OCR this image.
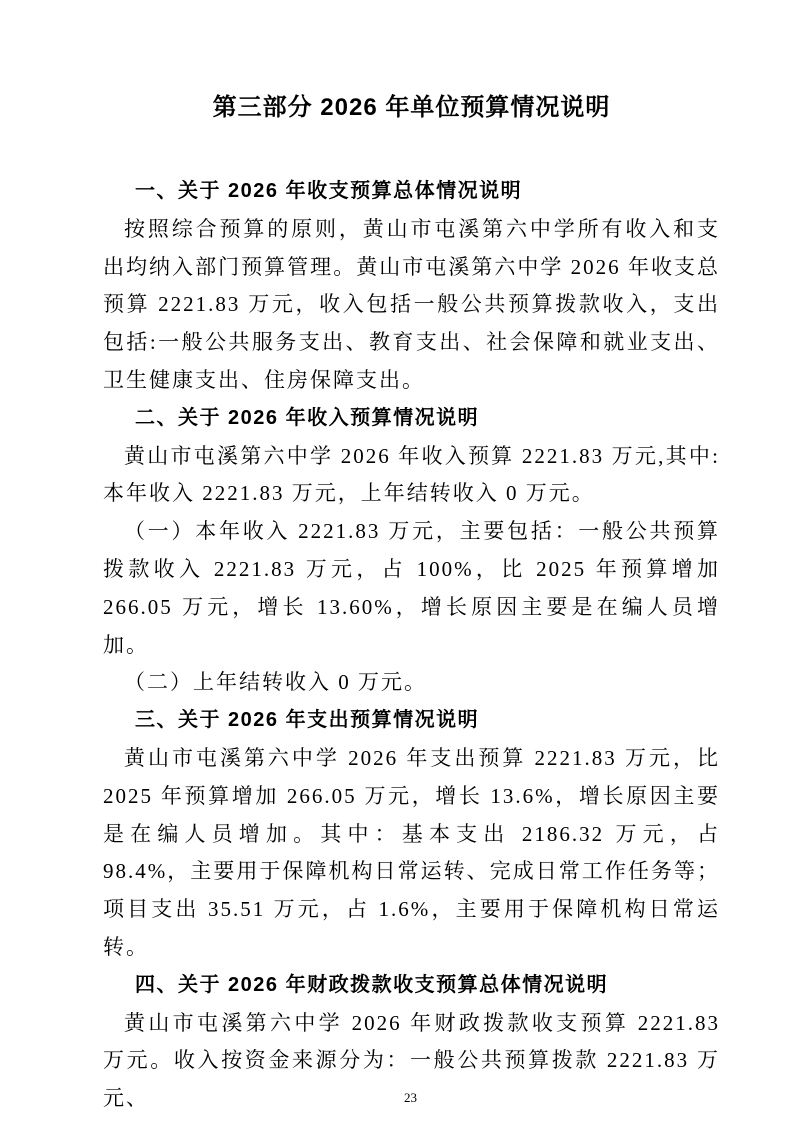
第三部分 2026 年单位预算情况说明
一、关于 2026 年收支预算总体情况说明

按照综合预算的原则，黄山市屯溪第六中学所有收入和支出均纳入部门预算管理。黄山市屯溪第六中学 2026 年收支总预算 2221.83 万元，收入包括一般公共预算拨款收入，支出包括:一般公共服务支出、教育支出、社会保障和就业支出、卫生健康支出、住房保障支出。

二、关于 2026 年收入预算情况说明

黄山市屯溪第六中学 2026 年收入预算 2221.83 万元,其中:本年收入 2221.83 万元，上年结转收入 0 万元。

（一）本年收入 2221.83 万元，主要包括：一般公共预算拨款收入 2221.83 万元，占 100%，比 2025 年预算增加 266.05 万元，增长 13.60%，增长原因主要是在编人员增加。

（二）上年结转收入 0 万元。

三、关于 2026 年支出预算情况说明

黄山市屯溪第六中学 2026 年支出预算 2221.83 万元，比 2025 年预算增加 266.05 万元，增长 13.6%，增长原因主要是在编人员增加。其中：基本支出 2186.32 万元，占 98.4%，主要用于保障机构日常运转、完成日常工作任务等；项目支出 35.51 万元，占 1.6%，主要用于保障机构日常运转。

四、关于 2026 年财政拨款收支预算总体情况说明

黄山市屯溪第六中学 2026 年财政拨款收支预算 2221.83 万元。收入按资金来源分为：一般公共预算拨款 2221.83 万元、	23
